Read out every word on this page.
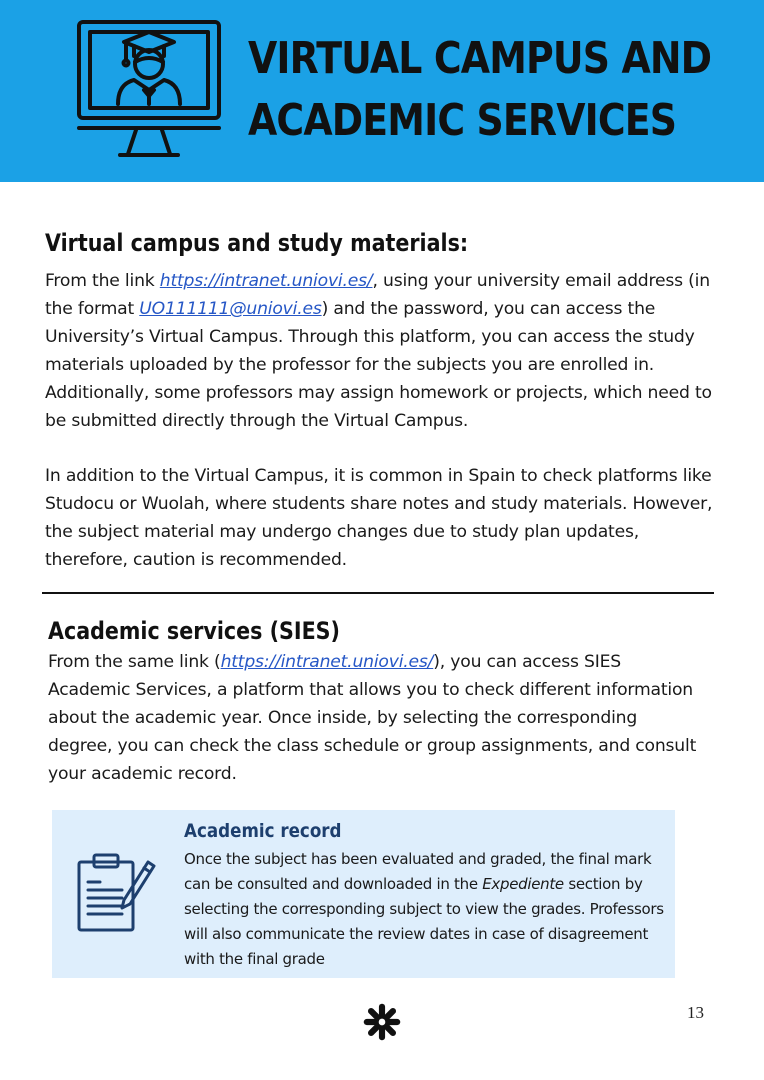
VIRTUAL CAMPUS AND
ACADEMIC SERVICES
Virtual campus and study materials:

From the link https://intranet.uniovi.es/, using your university email address (in the format UO111111@uniovi.es) and the password, you can access the University’s Virtual Campus. Through this platform, you can access the study materials uploaded by the professor for the subjects you are enrolled in. Additionally, some professors may assign homework or projects, which need to be submitted directly through the Virtual Campus.

In addition to the Virtual Campus, it is common in Spain to check platforms like Studocu or Wuolah, where students share notes and study materials. However, the subject material may undergo changes due to study plan updates, therefore, caution is recommended.

Academic services (SIES)

From the same link (https://intranet.uniovi.es/), you can access SIES Academic Services, a platform that allows you to check different information about the academic year. Once inside, by selecting the corresponding degree, you can check the class schedule or group assignments, and consult your academic record.

Academic record

Once the subject has been evaluated and graded, the final mark can be consulted and downloaded in the Expediente section by selecting the corresponding subject to view the grades. Professors will also communicate the review dates in case of disagreement with the final grade

13
